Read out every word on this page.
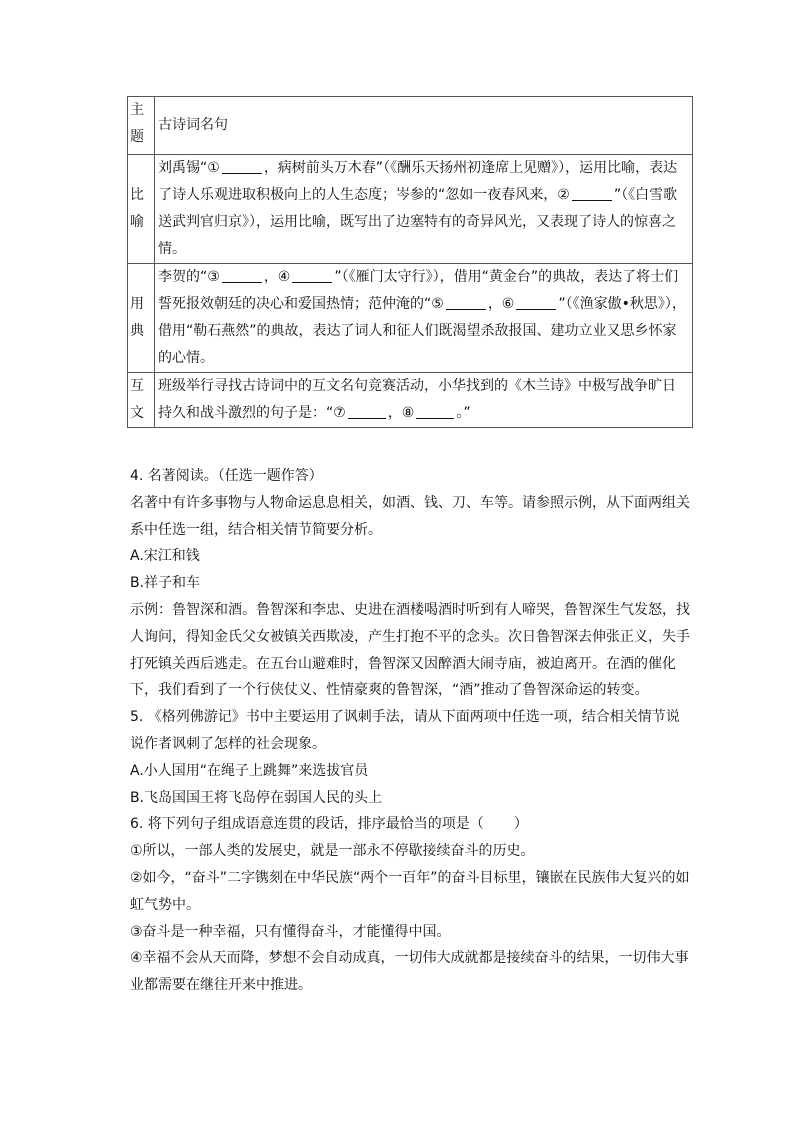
主题	古诗词名句
比喻	刘禹锡“① ，病树前头万木春”（《酬乐天扬州初逢席上见赠》），运用比喻，表达了诗人乐观进取积极向上的人生态度；岑参的“忽如一夜春风来，② ”（《白雪歌送武判官归京》），运用比喻，既写出了边塞特有的奇异风光，又表现了诗人的惊喜之情。
用典	李贺的“③ ，④ ”（《雁门太守行》），借用“黄金台”的典故，表达了将士们誓死报效朝廷的决心和爱国热情；范仲淹的“⑤ ，⑥ ”（《渔家傲•秋思》），借用“勒石燕然”的典故，表达了词人和征人们既渴望杀敌报国、建功立业又思乡怀家的心情。
互文	班级举行寻找古诗词中的互文名句竞赛活动，小华找到的《木兰诗》中极写战争旷日持久和战斗激烈的句子是：“⑦ ，⑧ 。”

4. 名著阅读。（任选一题作答）

名著中有许多事物与人物命运息息相关，如酒、钱、刀、车等。请参照示例，从下面两组关系中任选一组，结合相关情节简要分析。

A.宋江和钱

B.祥子和车

示例：鲁智深和酒。鲁智深和李忠、史进在酒楼喝酒时听到有人啼哭，鲁智深生气发怒，找人询问，得知金氏父女被镇关西欺凌，产生打抱不平的念头。次日鲁智深去伸张正义，失手打死镇关西后逃走。在五台山避难时，鲁智深又因醉酒大闹寺庙，被迫离开。在酒的催化下，我们看到了一个行侠仗义、性情豪爽的鲁智深，“酒”推动了鲁智深命运的转变。

5. 《格列佛游记》书中主要运用了讽刺手法，请从下面两项中任选一项，结合相关情节说说作者讽刺了怎样的社会现象。

A.小人国用“在绳子上跳舞”来选拔官员

B.飞岛国国王将飞岛停在弱国人民的头上

6. 将下列句子组成语意连贯的段话，排序最恰当的项是（ ）

①所以，一部人类的发展史，就是一部永不停歇接续奋斗的历史。

②如今，“奋斗”二字镌刻在中华民族“两个一百年”的奋斗目标里，镶嵌在民族伟大复兴的如虹气势中。

③奋斗是一种幸福，只有懂得奋斗，才能懂得中国。

④幸福不会从天而降，梦想不会自动成真，一切伟大成就都是接续奋斗的结果，一切伟大事业都需要在继往开来中推进。
